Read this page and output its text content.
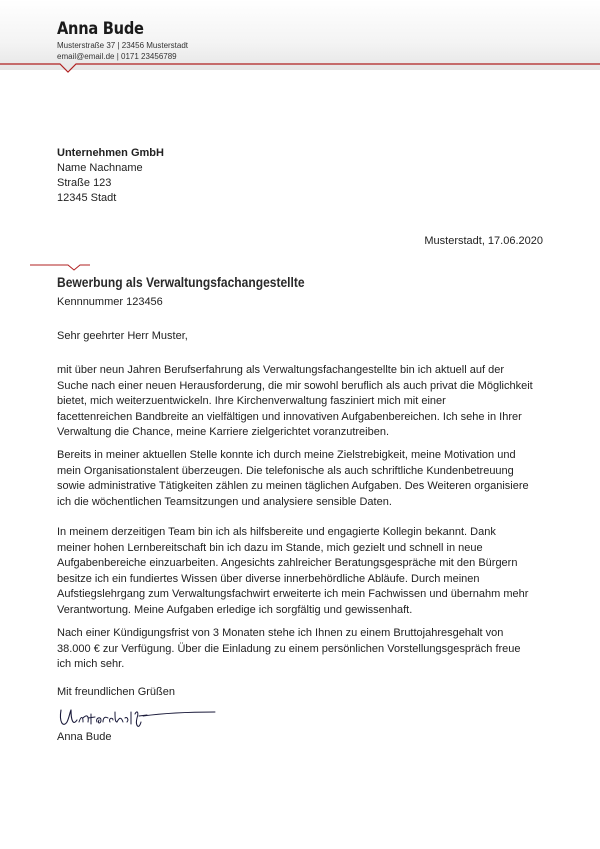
Anna Bude
Musterstraße 37 | 23456 Musterstadt
email@email.de | 0171 23456789
Unternehmen GmbH
Name Nachname
Straße 123
12345 Stadt
Musterstadt, 17.06.2020
Bewerbung als Verwaltungsfachangestellte
Kennnummer 123456
Sehr geehrter Herr Muster,
mit über neun Jahren Berufserfahrung als Verwaltungsfachangestellte bin ich aktuell auf der
Suche nach einer neuen Herausforderung, die mir sowohl beruflich als auch privat die Möglichkeit
bietet, mich weiterzuentwickeln. Ihre Kirchenverwaltung fasziniert mich mit einer
facettenreichen Bandbreite an vielfältigen und innovativen Aufgabenbereichen. Ich sehe in Ihrer
Verwaltung die Chance, meine Karriere zielgerichtet voranzutreiben.
Bereits in meiner aktuellen Stelle konnte ich durch meine Zielstrebigkeit, meine Motivation und
mein Organisationstalent überzeugen. Die telefonische als auch schriftliche Kundenbetreuung
sowie administrative Tätigkeiten zählen zu meinen täglichen Aufgaben. Des Weiteren organisiere
ich die wöchentlichen Teamsitzungen und analysiere sensible Daten.
In meinem derzeitigen Team bin ich als hilfsbereite und engagierte Kollegin bekannt. Dank
meiner hohen Lernbereitschaft bin ich dazu im Stande, mich gezielt und schnell in neue
Aufgabenbereiche einzuarbeiten. Angesichts zahlreicher Beratungsgespräche mit den Bürgern
besitze ich ein fundiertes Wissen über diverse innerbehördliche Abläufe. Durch meinen
Aufstiegslehrgang zum Verwaltungsfachwirt erweiterte ich mein Fachwissen und übernahm mehr
Verantwortung. Meine Aufgaben erledige ich sorgfältig und gewissenhaft.
Nach einer Kündigungsfrist von 3 Monaten stehe ich Ihnen zu einem Bruttojahresgehalt von
38.000 € zur Verfügung. Über die Einladung zu einem persönlichen Vorstellungsgespräch freue
ich mich sehr.
Mit freundlichen Grüßen
Anna Bude
